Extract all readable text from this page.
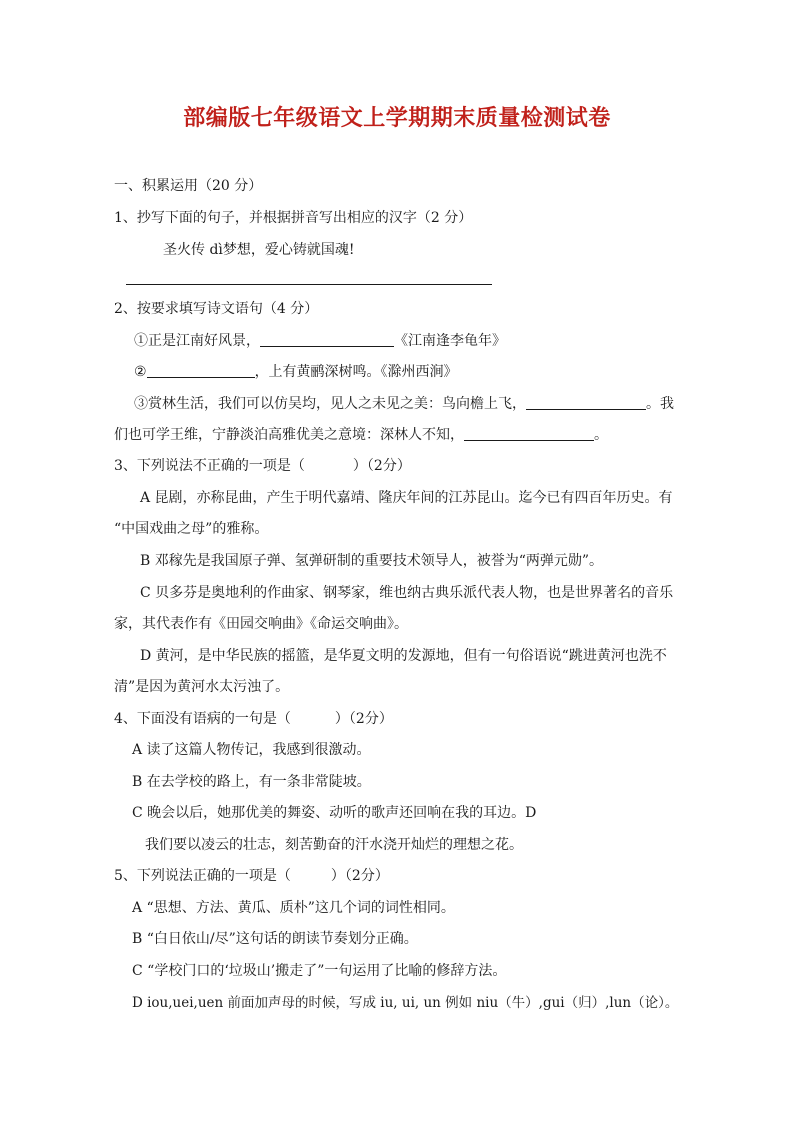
部编版七年级语文上学期期末质量检测试卷
一、积累运用（20 分）
1、抄写下面的句子，并根据拼音写出相应的汉字（2 分）
圣火传 dì梦想，爱心铸就国魂!
2、按要求填写诗文语句（4 分）
①正是江南好风景，	《江南逢李龟年》
②	，上有黄鹂深树鸣。《滁州西涧》
③赏林生活，我们可以仿吴均，见人之未见之美：鸟向檐上飞，	。我
们也可学王维，宁静淡泊高雅优美之意境：深林人不知，	。
3、下列说法不正确的一项是（	）（2分）
A 昆剧，亦称昆曲，产生于明代嘉靖、隆庆年间的江苏昆山。迄今已有四百年历史。有
“中国戏曲之母”的雅称。
B 邓稼先是我国原子弹、氢弹研制的重要技术领导人，被誉为“两弹元勋”。
C 贝多芬是奥地利的作曲家、钢琴家，维也纳古典乐派代表人物，也是世界著名的音乐
家，其代表作有《田园交响曲》《命运交响曲》。
D 黄河，是中华民族的摇篮，是华夏文明的发源地，但有一句俗语说“跳进黄河也洗不
清”是因为黄河水太污浊了。
4、下面没有语病的一句是（	）（2分）
A 读了这篇人物传记，我感到很激动。
B 在去学校的路上，有一条非常陡坡。
C 晚会以后，她那优美的舞姿、动听的歌声还回响在我的耳边。D
我们要以凌云的壮志，刻苦勤奋的汗水浇开灿烂的理想之花。
5、下列说法正确的一项是（	）（2分）
A “思想、方法、黄瓜、质朴”这几个词的词性相同。
B “白日依山/尽”这句话的朗读节奏划分正确。
C “学校门口的‘垃圾山’搬走了”一句运用了比喻的修辞方法。
D iou,uei,uen 前面加声母的时候，写成 iu, ui, un 例如 niu（牛）,gui（归）,lun（论）。
